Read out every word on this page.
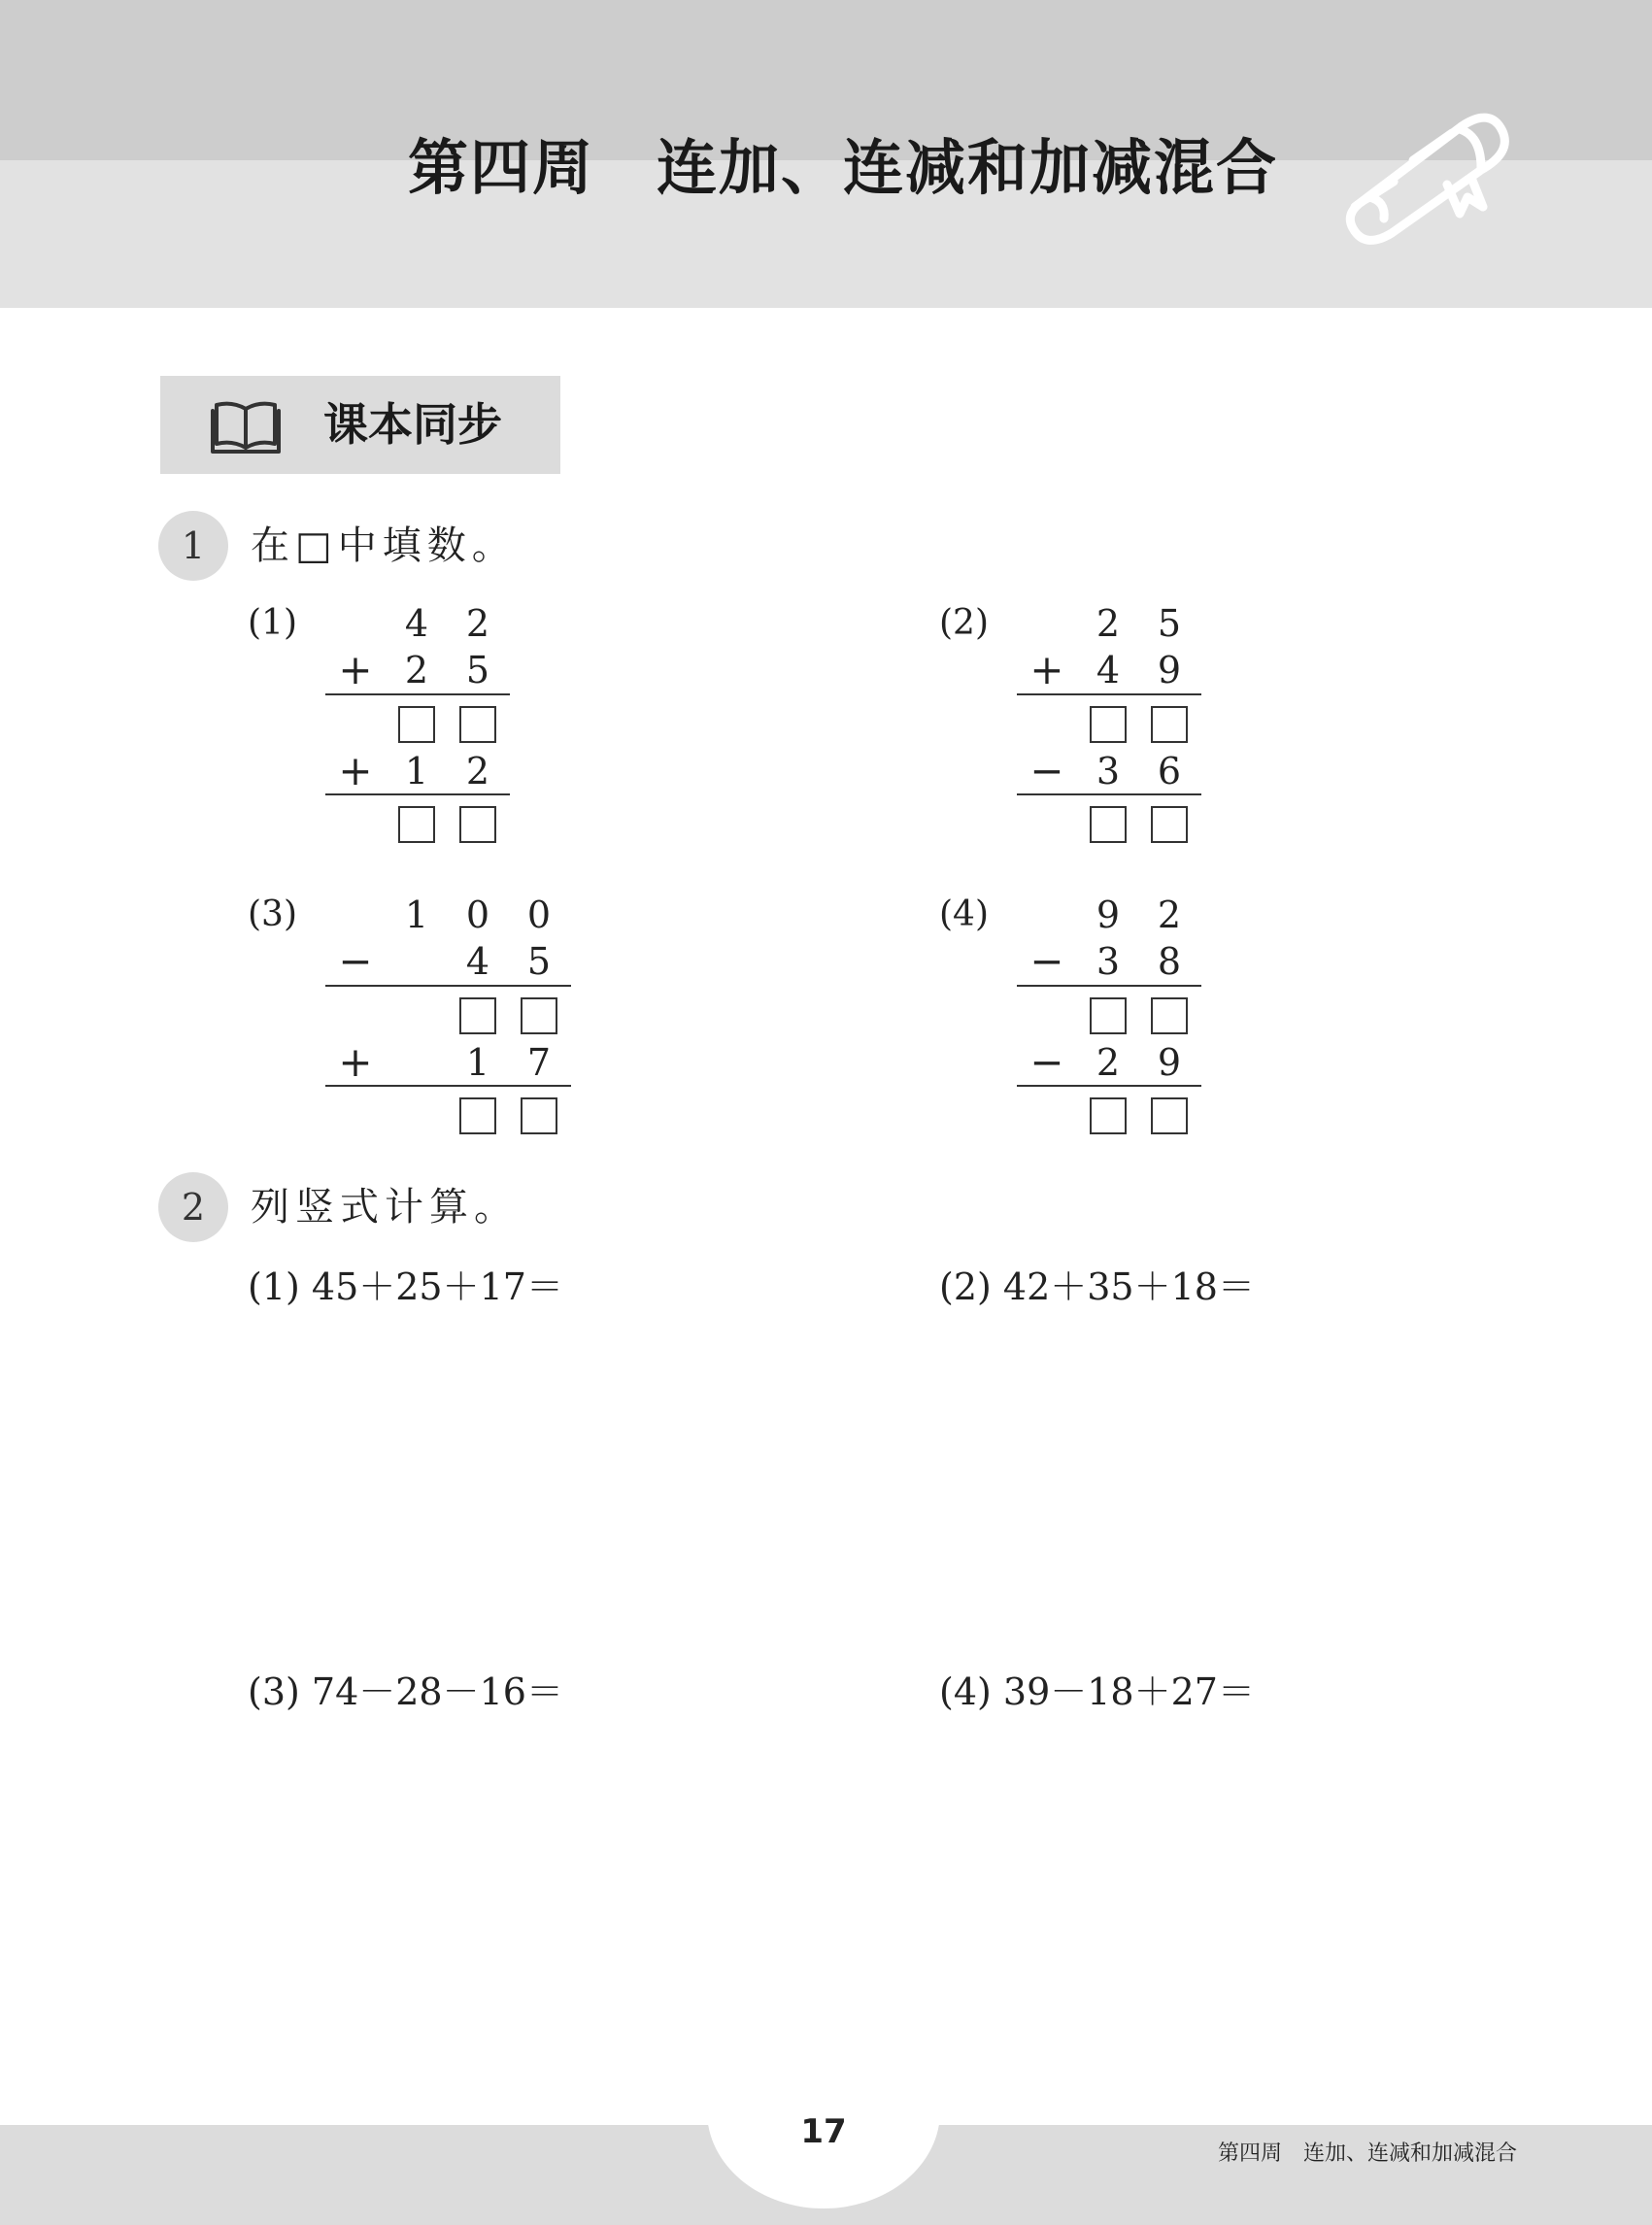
第四周　连加、连减和加减混合
课本同步
1	在□中填数。
(1)	4 2
+ 2 5
+ 1 2
(2)	2 5
+ 4 9
− 3 6
(3)	1 0 0
−	4 5
+	1 7
(4)	9 2
− 3 8
− 2 9
2	列竖式计算。
(1) 45＋25＋17＝	(2) 42＋35＋18＝
(3) 74－28－16＝	(4) 39－18＋27＝
17
第四周　连加、连减和加减混合
